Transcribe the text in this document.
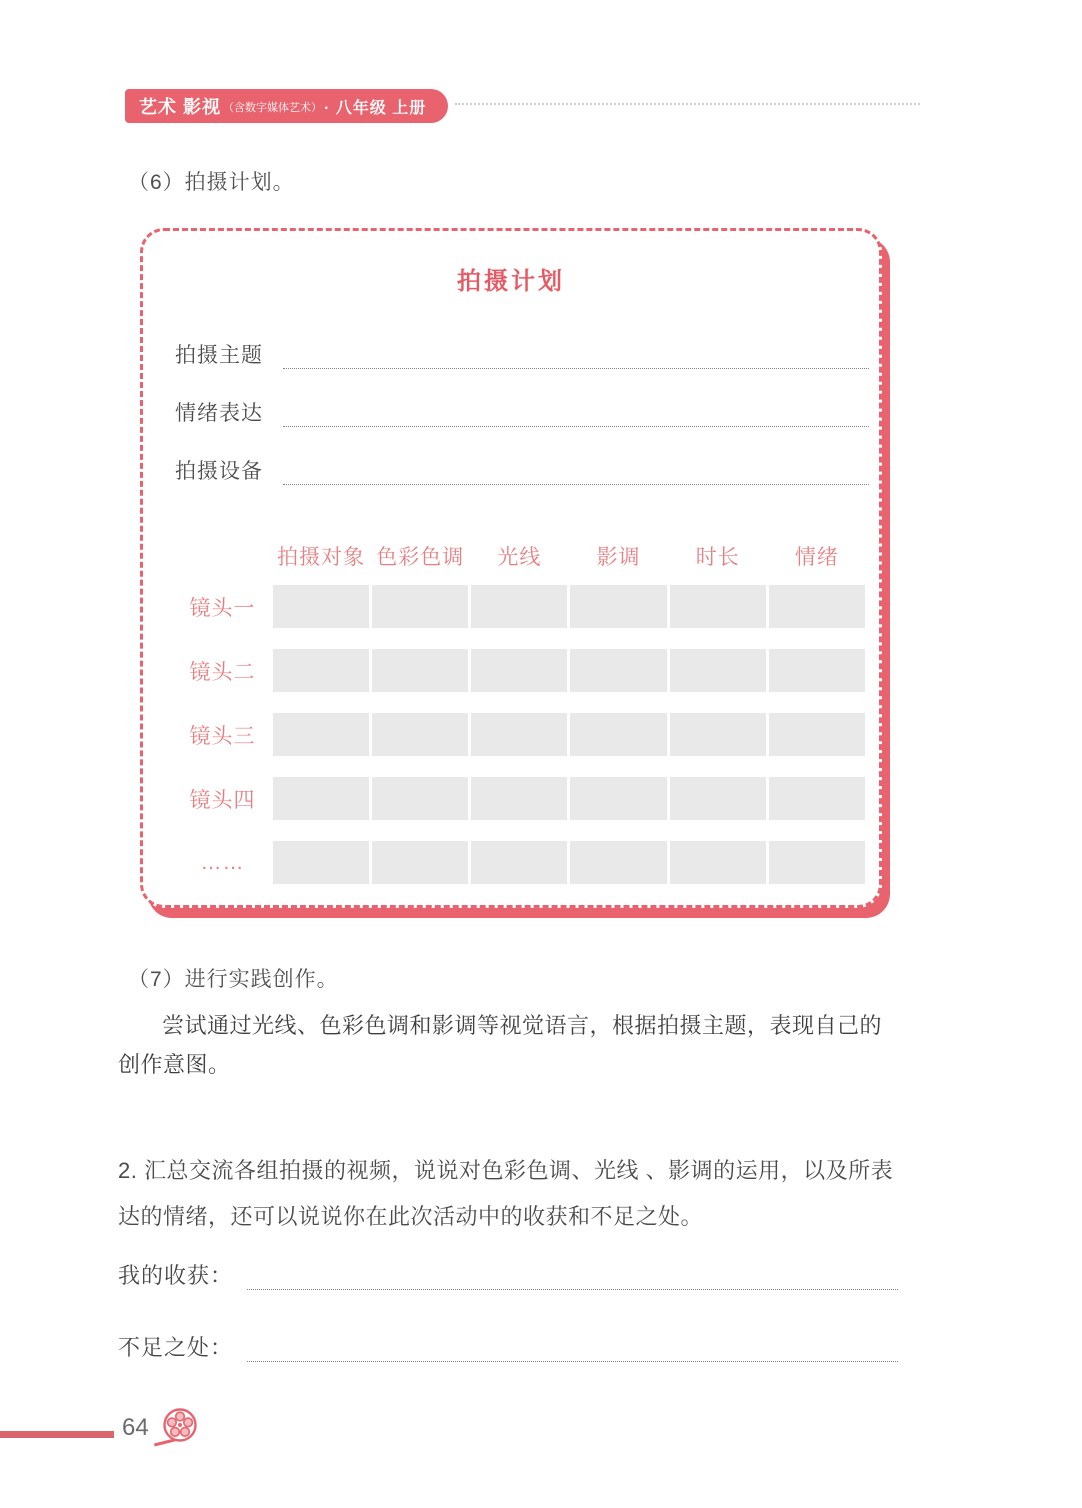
艺术 影视 （含数字媒体艺术） · 八年级 上册
（6）拍摄计划。
拍摄计划
拍摄主题
情绪表达
拍摄设备
拍摄对象 色彩色调	光线	影调	时长	情绪
镜头一
镜头二
镜头三
镜头四
……
（7）进行实践创作。
尝试通过光线、色彩色调和影调等视觉语言，根据拍摄主题，表现自己的创作意图。
2. 汇总交流各组拍摄的视频，说说对色彩色调、光线 、影调的运用，以及所表达的情绪，还可以说说你在此次活动中的收获和不足之处。
我的收获：
不足之处：
64
